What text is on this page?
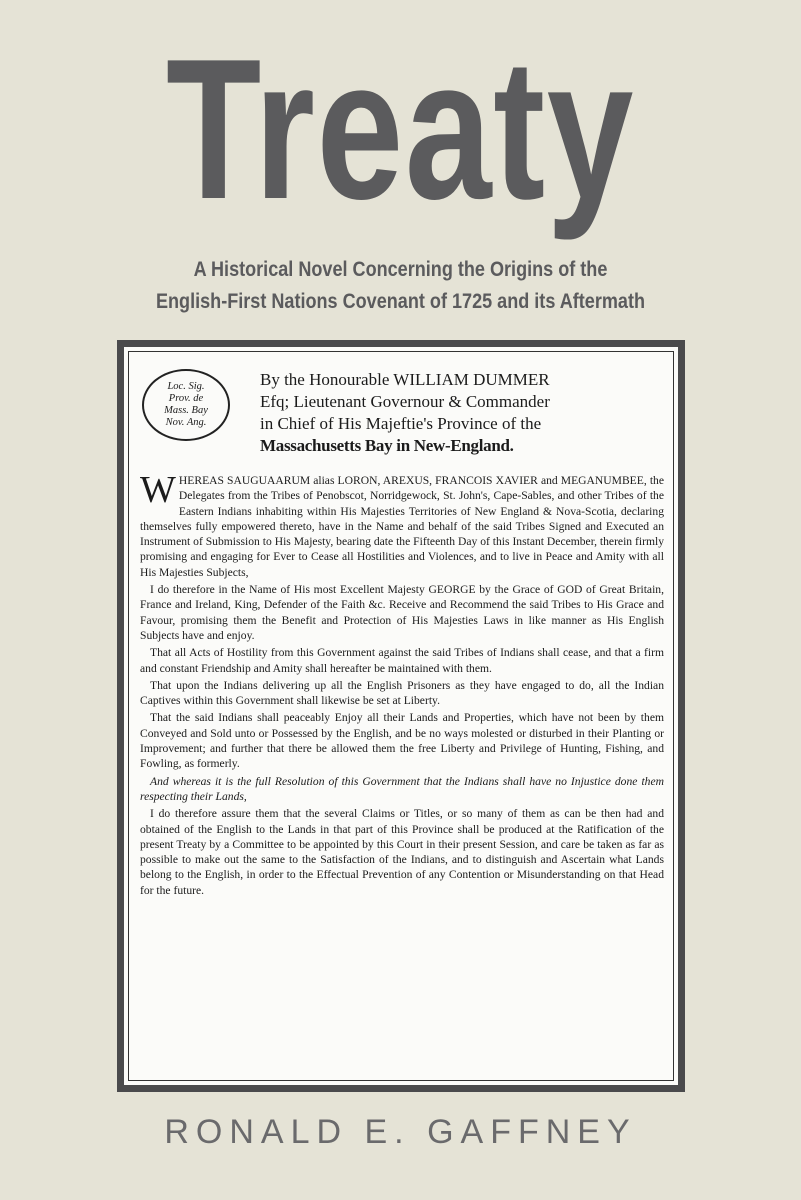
Treaty
A Historical Novel Concerning the Origins of the
English-First Nations Covenant of 1725 and its Aftermath
Loc. Sig.
Prov. de
Mass. Bay
Nov. Ang.
By the Honourable WILLIAM DUMMER
Efq; Lieutenant Governour & Commander
in Chief of His Majeftie's Province of the
Massachusetts Bay in New-England.

WHEREAS SAUGUAARUM alias LORON, AREXUS, FRANCOIS XAVIER and MEGANUMBEE, the Delegates from the Tribes of Penobscot, Norridgewock, St. John's, Cape-Sables, and other Tribes of the Eastern Indians inhabiting within His Majesties Territories of New England & Nova-Scotia, declaring themselves fully empowered thereto, have in the Name and behalf of the said Tribes Signed and Executed an Instrument of Submission to His Majesty, bearing date the Fifteenth Day of this Instant December, therein firmly promising and engaging for Ever to Cease all Hostilities and Violences, and to live in Peace and Amity with all His Majesties Subjects,

I do therefore in the Name of His most Excellent Majesty GEORGE by the Grace of GOD of Great Britain, France and Ireland, King, Defender of the Faith &c. Receive and Recommend the said Tribes to His Grace and Favour, promising them the Benefit and Protection of His Majesties Laws in like manner as His English Subjects have and enjoy.

That all Acts of Hostility from this Government against the said Tribes of Indians shall cease, and that a firm and constant Friendship and Amity shall hereafter be maintained with them.

That upon the Indians delivering up all the English Prisoners as they have engaged to do, all the Indian Captives within this Government shall likewise be set at Liberty.

That the said Indians shall peaceably Enjoy all their Lands and Properties, which have not been by them Conveyed and Sold unto or Possessed by the English, and be no ways molested or disturbed in their Planting or Improvement; and further that there be allowed them the free Liberty and Privilege of Hunting, Fishing, and Fowling, as formerly.

And whereas it is the full Resolution of this Government that the Indians shall have no Injustice done them respecting their Lands,

I do therefore assure them that the several Claims or Titles, or so many of them as can be then had and obtained of the English to the Lands in that part of this Province shall be produced at the Ratification of the present Treaty by a Committee to be appointed by this Court in their present Session, and care be taken as far as possible to make out the same to the Satisfaction of the Indians, and to distinguish and Ascertain what Lands belong to the English, in order to the Effectual Prevention of any Contention or Misunderstanding on that Head for the future.

RONALD E. GAFFNEY
